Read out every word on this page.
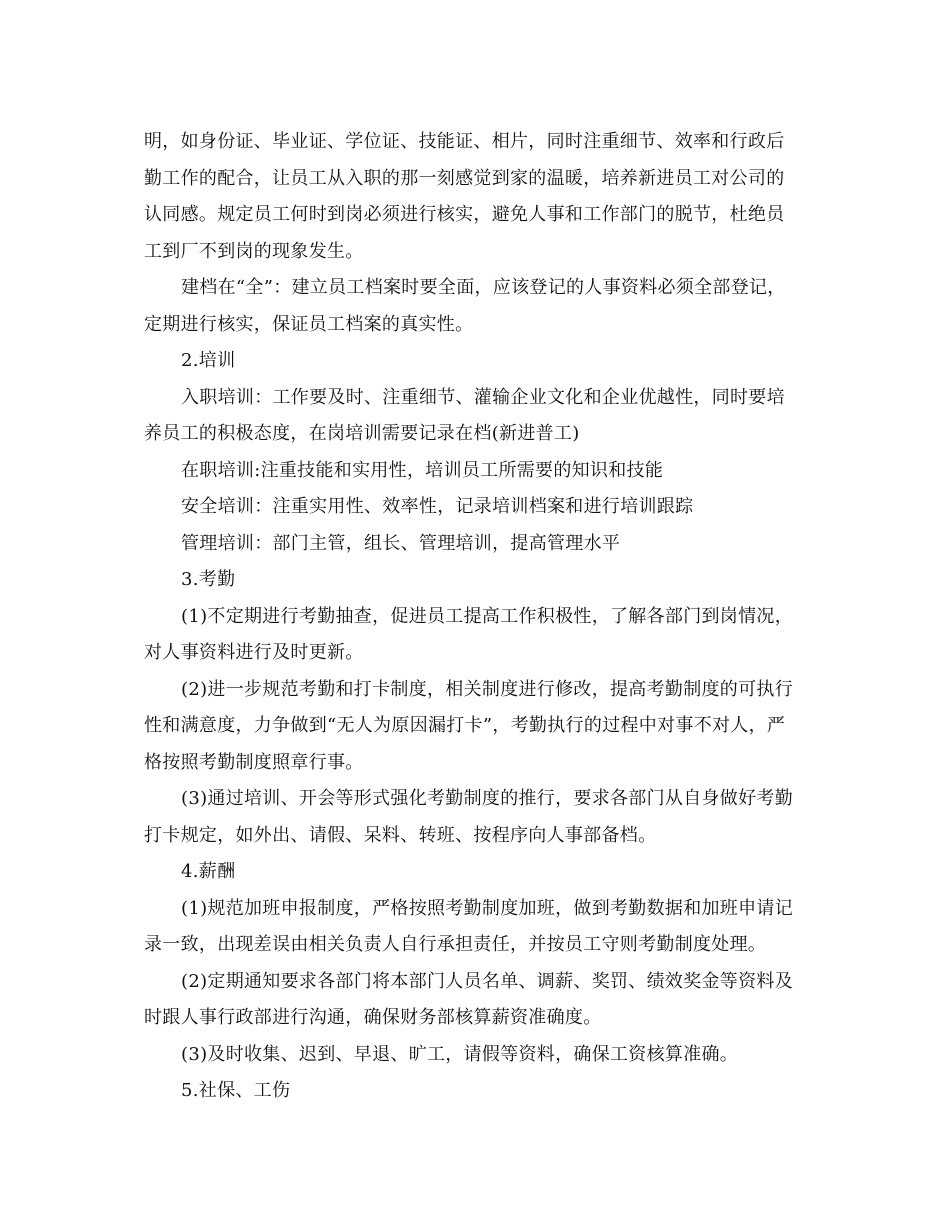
明，如身份证、毕业证、学位证、技能证、相片，同时注重细节、效率和行政后
勤工作的配合，让员工从入职的那一刻感觉到家的温暖，培养新进员工对公司的
认同感。规定员工何时到岗必须进行核实，避免人事和工作部门的脱节，杜绝员
工到厂不到岗的现象发生。
建档在“全”：建立员工档案时要全面，应该登记的人事资料必须全部登记，
定期进行核实，保证员工档案的真实性。
2.培训
入职培训：工作要及时、注重细节、灌输企业文化和企业优越性，同时要培
养员工的积极态度，在岗培训需要记录在档(新进普工)
在职培训:注重技能和实用性，培训员工所需要的知识和技能
安全培训：注重实用性、效率性，记录培训档案和进行培训跟踪
管理培训：部门主管，组长、管理培训，提高管理水平
3.考勤
(1)不定期进行考勤抽查，促进员工提高工作积极性，了解各部门到岗情况，
对人事资料进行及时更新。
(2)进一步规范考勤和打卡制度，相关制度进行修改，提高考勤制度的可执行
性和满意度，力争做到“无人为原因漏打卡”，考勤执行的过程中对事不对人，严
格按照考勤制度照章行事。
(3)通过培训、开会等形式强化考勤制度的推行，要求各部门从自身做好考勤
打卡规定，如外出、请假、呆料、转班、按程序向人事部备档。
4.薪酬
(1)规范加班申报制度，严格按照考勤制度加班，做到考勤数据和加班申请记
录一致，出现差误由相关负责人自行承担责任，并按员工守则考勤制度处理。
(2)定期通知要求各部门将本部门人员名单、调薪、奖罚、绩效奖金等资料及
时跟人事行政部进行沟通，确保财务部核算薪资准确度。
(3)及时收集、迟到、早退、旷工，请假等资料，确保工资核算准确。
5.社保、工伤
